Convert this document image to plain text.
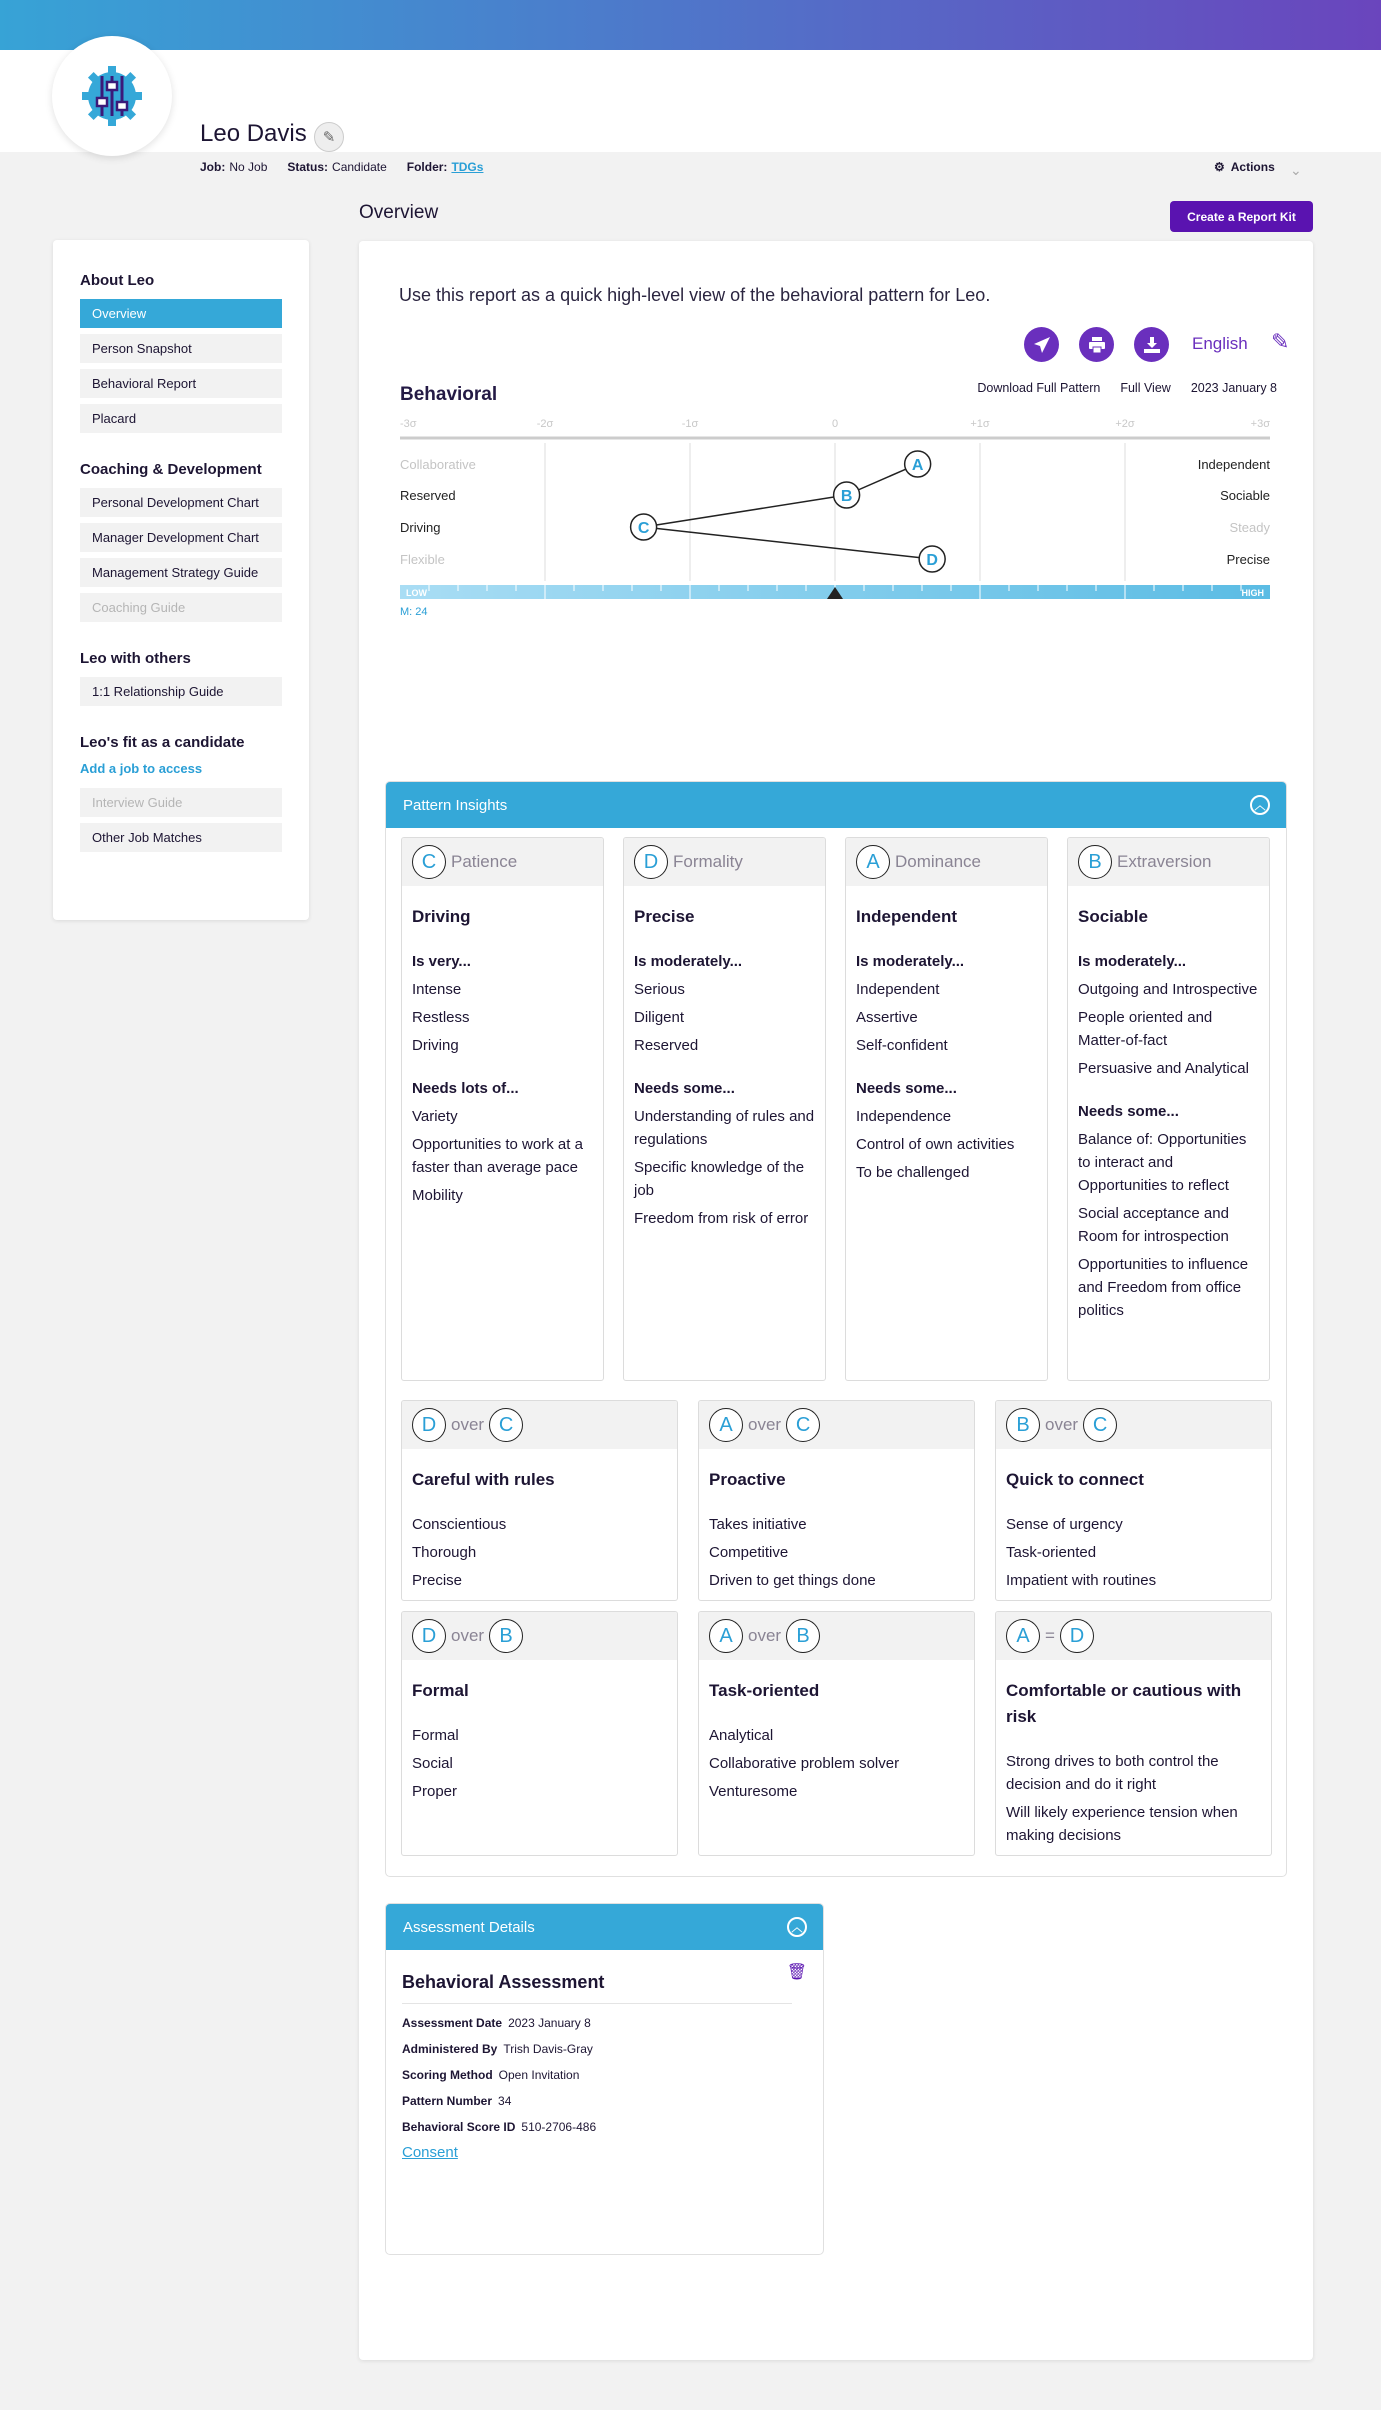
Leo Davis ✎
Job: No Job Status: Candidate Folder: TDGs	⚙ Actions ⌄
Overview	Create a Report Kit
About Leo
Overview
Person Snapshot
Behavioral Report
Placard
Coaching & Development
Personal Development Chart
Manager Development Chart
Management Strategy Guide
Coaching Guide
Leo with others
1:1 Relationship Guide
Leo's fit as a candidate
Add a job to access
Interview Guide
Other Job Matches
Use this report as a quick high-level view of the behavioral pattern for Leo.
English ✎
Behavioral	Download Full Pattern Full View 2023 January 8
-3σ	-2σ	-1σ	0	+1σ	+2σ	+3σ
Collaborative	Independent
Reserved	Sociable
Driving	Steady
Flexible	Precise
A
B
C
D
LOW	HIGH
M: 24
Pattern Insights	︿
C Patience
Driving
Is very...
Intense
Restless
Driving
Needs lots of...
Variety
Opportunities to work at a faster than average pace
Mobility
D Formality
Precise
Is moderately...
Serious
Diligent
Reserved
Needs some...
Understanding of rules and regulations
Specific knowledge of the job
Freedom from risk of error
A Dominance
Independent
Is moderately...
Independent
Assertive
Self-confident
Needs some...
Independence
Control of own activities
To be challenged
B Extraversion
Sociable
Is moderately...
Outgoing and Introspective
People oriented and Matter-of-fact
Persuasive and Analytical
Needs some...
Balance of: Opportunities to interact and Opportunities to reflect
Social acceptance and Room for introspection
Opportunities to influence and Freedom from office politics
D over C
Careful with rules
Conscientious
Thorough
Precise
A over C
Proactive
Takes initiative
Competitive
Driven to get things done
B over C
Quick to connect
Sense of urgency
Task-oriented
Impatient with routines
D over B
Formal
Formal
Social
Proper
A over B
Task-oriented
Analytical
Collaborative problem solver
Venturesome
A = D
Comfortable or cautious with risk
Strong drives to both control the decision and do it right
Will likely experience tension when making decisions
Assessment Details	︿
🗑
Behavioral Assessment
Assessment Date 2023 January 8
Administered By Trish Davis-Gray
Scoring Method Open Invitation
Pattern Number 34
Behavioral Score ID 510-2706-486
Consent
